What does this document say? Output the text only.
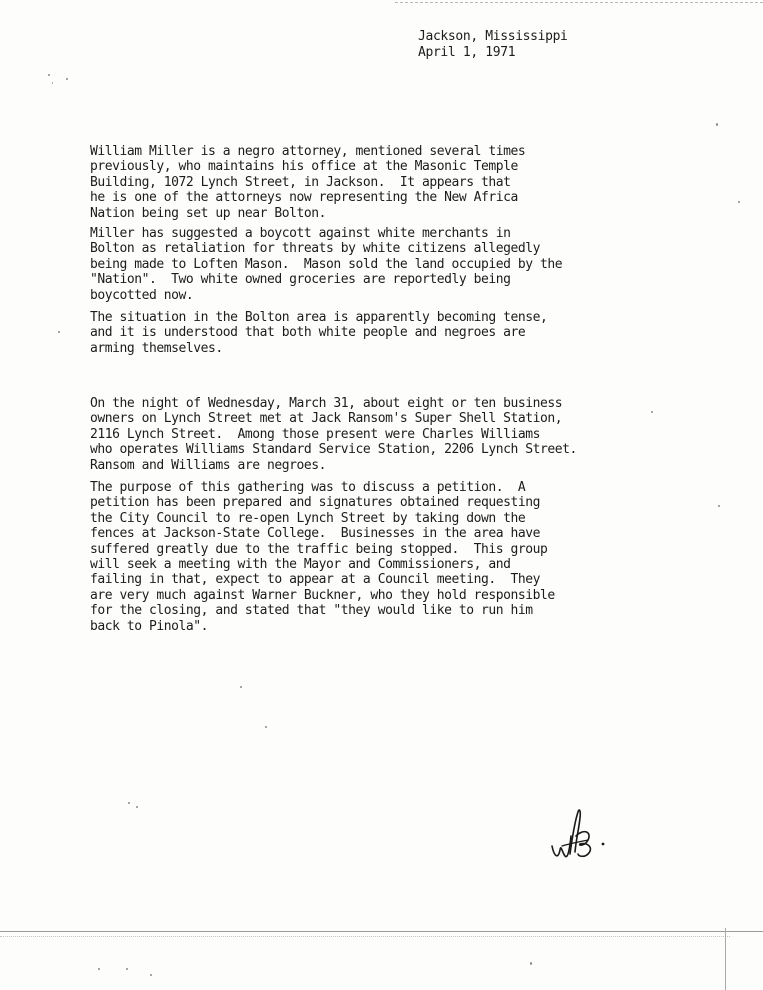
Jackson, Mississippi
April 1, 1971
William Miller is a negro attorney, mentioned several times
previously, who maintains his office at the Masonic Temple
Building, 1072 Lynch Street, in Jackson.  It appears that
he is one of the attorneys now representing the New Africa
Nation being set up near Bolton.
Miller has suggested a boycott against white merchants in
Bolton as retaliation for threats by white citizens allegedly
being made to Loften Mason.  Mason sold the land occupied by the
"Nation".  Two white owned groceries are reportedly being
boycotted now.
The situation in the Bolton area is apparently becoming tense,
and it is understood that both white people and negroes are
arming themselves.
On the night of Wednesday, March 31, about eight or ten business
owners on Lynch Street met at Jack Ransom's Super Shell Station,
2116 Lynch Street.  Among those present were Charles Williams
who operates Williams Standard Service Station, 2206 Lynch Street.
Ransom and Williams are negroes.
The purpose of this gathering was to discuss a petition.  A
petition has been prepared and signatures obtained requesting
the City Council to re-open Lynch Street by taking down the
fences at Jackson-State College.  Businesses in the area have
suffered greatly due to the traffic being stopped.  This group
will seek a meeting with the Mayor and Commissioners, and
failing in that, expect to appear at a Council meeting.  They
are very much against Warner Buckner, who they hold responsible
for the closing, and stated that "they would like to run him
back to Pinola".
